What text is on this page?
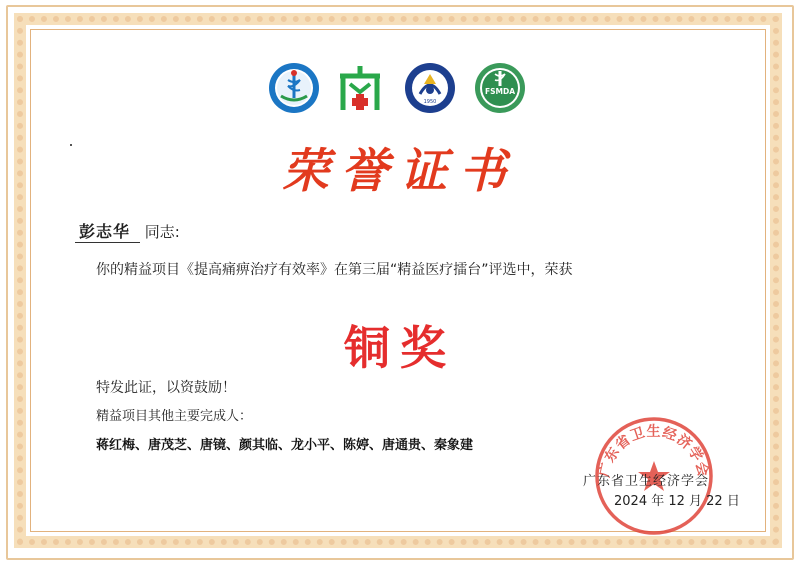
1950
FSMDA
荣誉证书
彭志华 同志:
你的精益项目《提高痛痹治疗有效率》在第三届“精益医疗擂台”评选中，荣获
铜奖
特发此证，以资鼓励！
精益项目其他主要完成人：
蒋红梅、唐茂芝、唐镜、颜其临、龙小平、陈婷、唐通贵、秦象建
广东省卫生经济学会
广东省卫生经济学会
2024 年 12 月 22 日
